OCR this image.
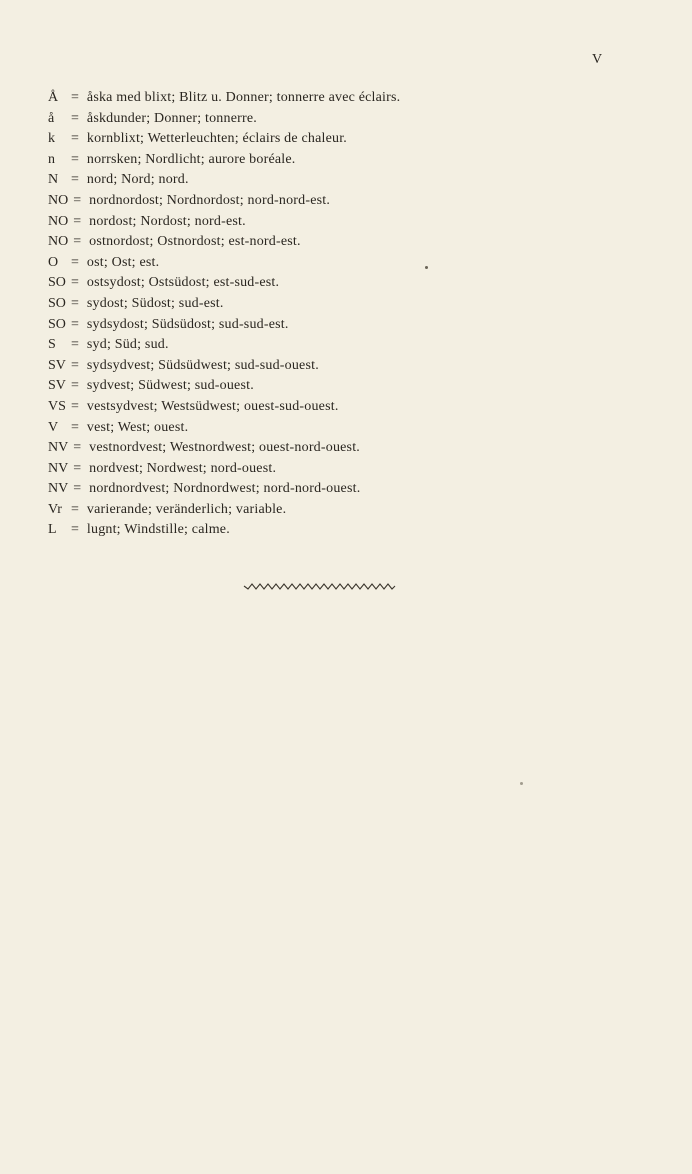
V
Å = åska med blixt; Blitz u. Donner; tonnerre avec éclairs.
å = åskdunder; Donner; tonnerre.
k = kornblixt; Wetterleuchten; éclairs de chaleur.
n = norrsken; Nordlicht; aurore boréale.
N = nord; Nord; nord.
NO = nordnordost; Nordnordost; nord-nord-est.
NO = nordost; Nordost; nord-est.
NO = ostnordost; Ostnordost; est-nord-est.
O = ost; Ost; est.
SO = ostsydost; Ostsüdost; est-sud-est.
SO = sydost; Südost; sud-est.
SO = sydsydost; Südsüdost; sud-sud-est.
S = syd; Süd; sud.
SV = sydsydvest; Südsüdwest; sud-sud-ouest.
SV = sydvest; Südwest; sud-ouest.
VS = vestsydvest; Westsüdwest; ouest-sud-ouest.
V = vest; West; ouest.
NV = vestnordvest; Westnordwest; ouest-nord-ouest.
NV = nordvest; Nordwest; nord-ouest.
NV = nordnordvest; Nordnordwest; nord-nord-ouest.
Vr = varierande; veränderlich; variable.
L = lugnt; Windstille; calme.
